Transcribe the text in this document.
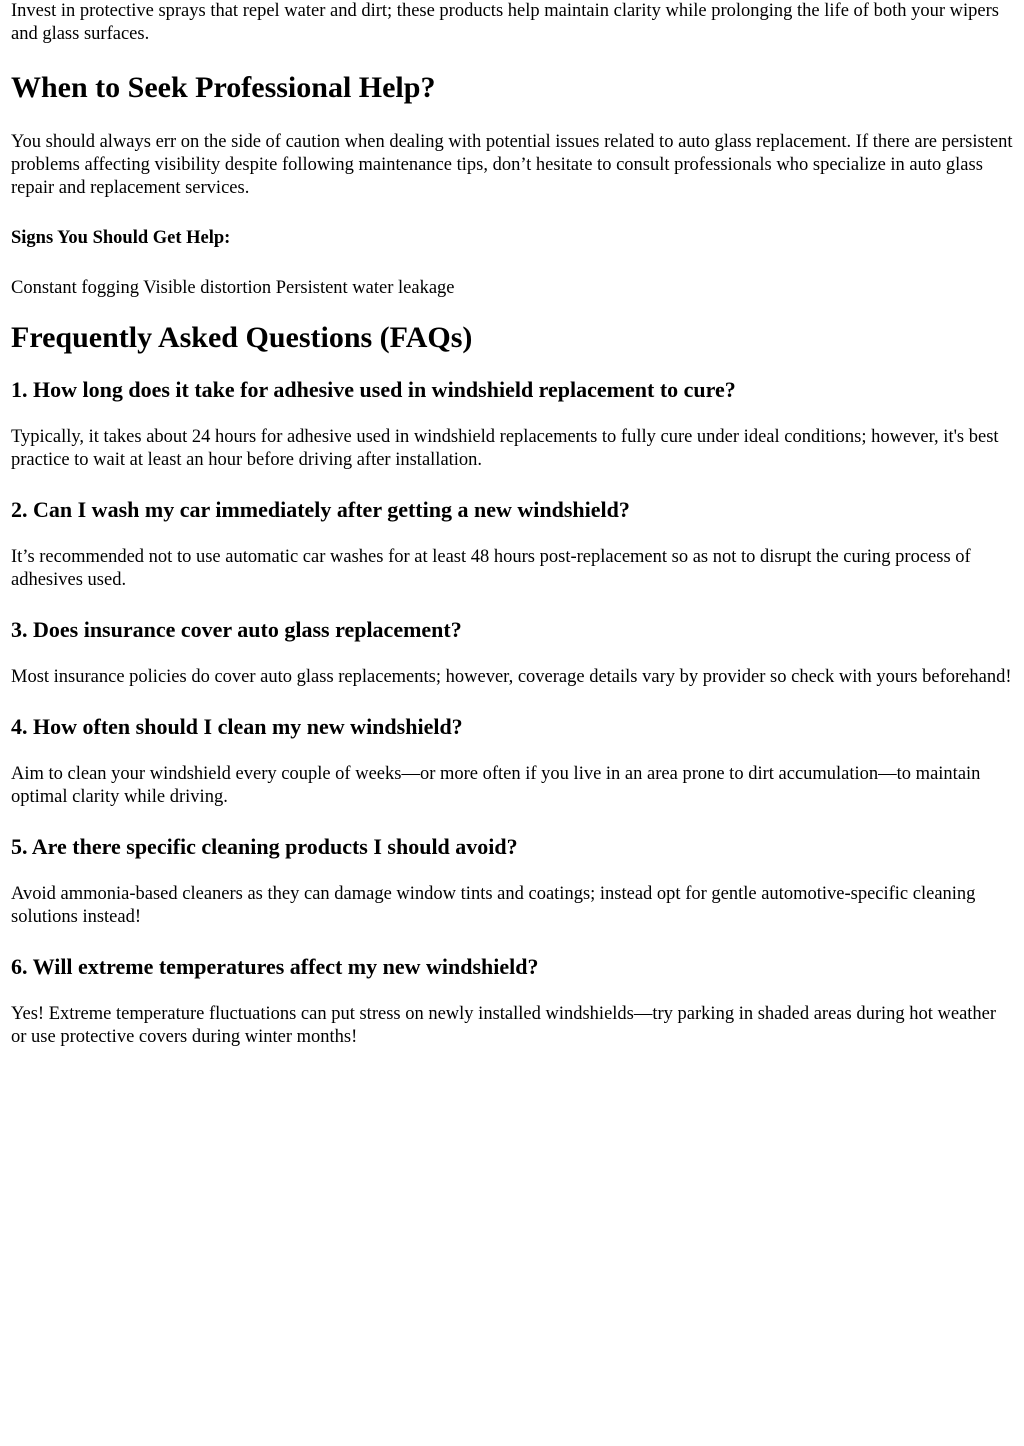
Invest in protective sprays that repel water and dirt; these products help maintain clarity while prolonging the life of both your wipers and glass surfaces.

When to Seek Professional Help?

You should always err on the side of caution when dealing with potential issues related to auto glass replacement. If there are persistent problems affecting visibility despite following maintenance tips, don’t hesitate to consult professionals who specialize in auto glass repair and replacement services.

Signs You Should Get Help:

Constant fogging Visible distortion Persistent water leakage

Frequently Asked Questions (FAQs)
1. How long does it take for adhesive used in windshield replacement to cure?

Typically, it takes about 24 hours for adhesive used in windshield replacements to fully cure under ideal conditions; however, it's best practice to wait at least an hour before driving after installation.

2. Can I wash my car immediately after getting a new windshield?

It’s recommended not to use automatic car washes for at least 48 hours post-replacement so as not to disrupt the curing process of adhesives used.

3. Does insurance cover auto glass replacement?

Most insurance policies do cover auto glass replacements; however, coverage details vary by provider so check with yours beforehand!

4. How often should I clean my new windshield?

Aim to clean your windshield every couple of weeks—or more often if you live in an area prone to dirt accumulation—to maintain optimal clarity while driving.

5. Are there specific cleaning products I should avoid?

Avoid ammonia-based cleaners as they can damage window tints and coatings; instead opt for gentle automotive-specific cleaning solutions instead!

6. Will extreme temperatures affect my new windshield?

Yes! Extreme temperature fluctuations can put stress on newly installed windshields—try parking in shaded areas during hot weather or use protective covers during winter months!
